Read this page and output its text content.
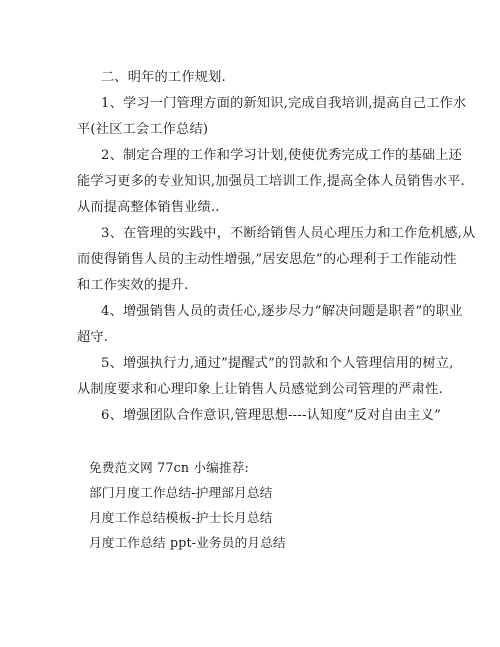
二、明年的工作规划.
1、学习一门管理方面的新知识,完成自我培训,提高自己工作水
平(社区工会工作总结)
2、制定合理的工作和学习计划,使使优秀完成工作的基础上还
能学习更多的专业知识,加强员工培训工作,提高全体人员销售水平.
从而提高整体销售业绩..
3、在管理的实践中，不断给销售人员心理压力和工作危机感,从
而使得销售人员的主动性增强,”居安思危”的心理利于工作能动性
和工作实效的提升.
4、增强销售人员的责任心,逐步尽力”解决问题是职者”的职业
超守.
5、增强执行力,通过”提醒式”的罚款和个人管理信用的树立,
从制度要求和心理印象上让销售人员感觉到公司管理的严肃性.
6、增强团队合作意识,管理思想----认知度”反对自由主义”
免费范文网 77cn 小编推荐:
部门月度工作总结-护理部月总结
月度工作总结模板-护士长月总结
月度工作总结 ppt-业务员的月总结
